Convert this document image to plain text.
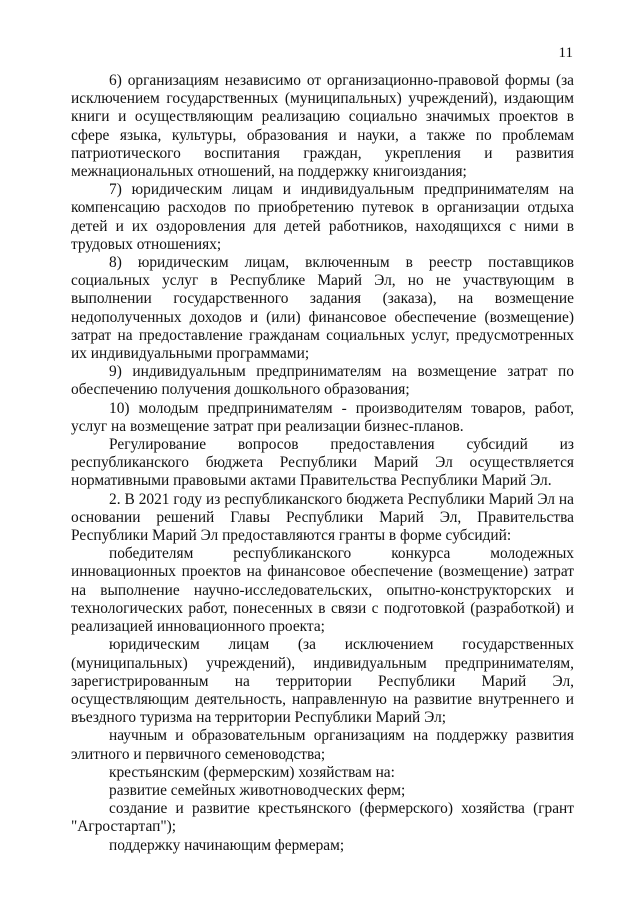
11

6) организациям независимо от организационно-правовой формы (за исключением государственных (муниципальных) учреждений), издающим книги и осуществляющим реализацию социально значимых проектов в сфере языка, культуры, образования и науки, а также по проблемам патриотического воспитания граждан, укрепления и развития межнациональных отношений, на поддержку книгоиздания;

7) юридическим лицам и индивидуальным предпринимателям на компенсацию расходов по приобретению путевок в организации отдыха детей и их оздоровления для детей работников, находящихся с ними в трудовых отношениях;

8) юридическим лицам, включенным в реестр поставщиков социальных услуг в Республике Марий Эл, но не участвующим в выполнении государственного задания (заказа), на возмещение недополученных доходов и (или) финансовое обеспечение (возмещение) затрат на предоставление гражданам социальных услуг, предусмотренных их индивидуальными программами;

9) индивидуальным предпринимателям на возмещение затрат по обеспечению получения дошкольного образования;

10) молодым предпринимателям - производителям товаров, работ, услуг на возмещение затрат при реализации бизнес-планов.

Регулирование вопросов предоставления субсидий из республиканского бюджета Республики Марий Эл осуществляется нормативными правовыми актами Правительства Республики Марий Эл.

2. В 2021 году из республиканского бюджета Республики Марий Эл на основании решений Главы Республики Марий Эл, Правительства Республики Марий Эл предоставляются гранты в форме субсидий:

победителям республиканского конкурса молодежных инновационных проектов на финансовое обеспечение (возмещение) затрат на выполнение научно-исследовательских, опытно-конструкторских и технологических работ, понесенных в связи с подготовкой (разработкой) и реализацией инновационного проекта;

юридическим лицам (за исключением государственных (муниципальных) учреждений), индивидуальным предпринимателям, зарегистрированным на территории Республики Марий Эл, осуществляющим деятельность, направленную на развитие внутреннего и въездного туризма на территории Республики Марий Эл;

научным и образовательным организациям на поддержку развития элитного и первичного семеноводства;

крестьянским (фермерским) хозяйствам на:

развитие семейных животноводческих ферм;

создание и развитие крестьянского (фермерского) хозяйства (грант "Агростартап");

поддержку начинающим фермерам;
